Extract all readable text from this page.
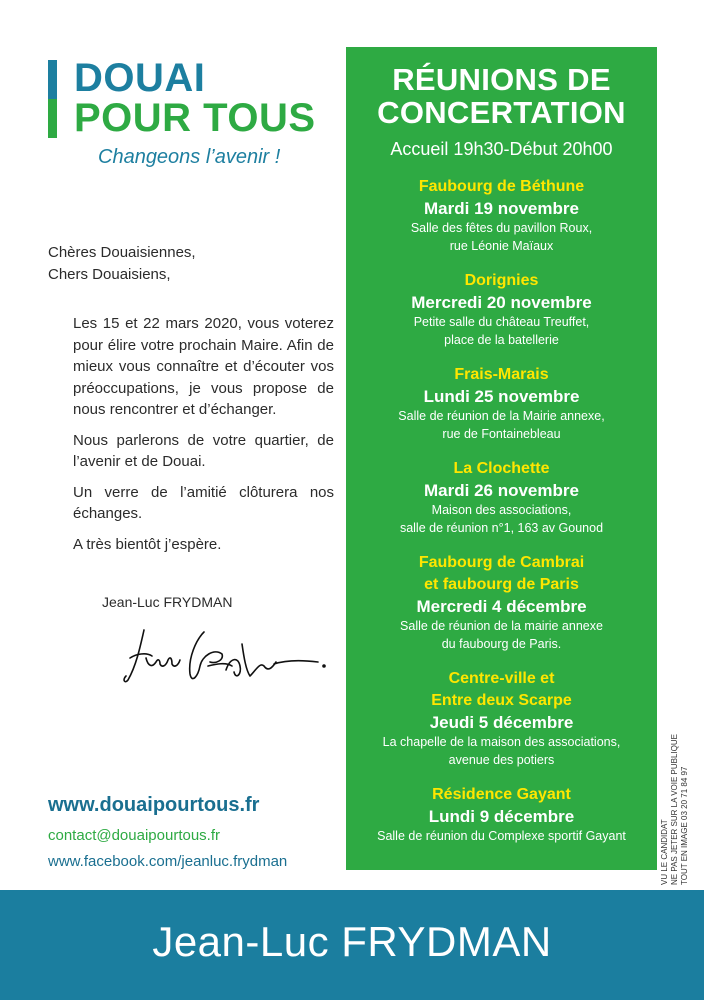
DOUAI
POUR TOUS
Changeons l’avenir !
Chères Douaisiennes,
Chers Douaisiens,

Les 15 et 22 mars 2020, vous voterez pour élire votre prochain Maire. Afin de mieux vous connaître et d’écouter vos préoccupations, je vous propose de nous rencontrer et d’échanger.

Nous parlerons de votre quartier, de l’avenir et de Douai.

Un verre de l’amitié clôturera nos échanges.

A très bientôt j’espère.

Jean-Luc FRYDMAN
www.douaipourtous.fr
contact@douaipourtous.fr
www.facebook.com/jeanluc.frydman
RÉUNIONS DE
CONCERTATION
Accueil 19h30-Début 20h00
Faubourg de Béthune
Mardi 19 novembre
Salle des fêtes du pavillon Roux,
rue Léonie Maïaux
Dorignies
Mercredi 20 novembre
Petite salle du château Treuffet,
place de la batellerie
Frais-Marais
Lundi 25 novembre
Salle de réunion de la Mairie annexe,
rue de Fontainebleau
La Clochette
Mardi 26 novembre
Maison des associations,
salle de réunion n°1, 163 av Gounod
Faubourg de Cambrai
et faubourg de Paris
Mercredi 4 décembre
Salle de réunion de la mairie annexe
du faubourg de Paris.
Centre-ville et
Entre deux Scarpe
Jeudi 5 décembre
La chapelle de la maison des associations,
avenue des potiers
Résidence Gayant
Lundi 9 décembre
Salle de réunion du Complexe sportif Gayant	VU LE CANDIDAT NE PAS JETER SUR LA VOIE PUBLIQUE TOUT EN IMAGE 03 20 71 84 97
Jean-Luc FRYDMAN
